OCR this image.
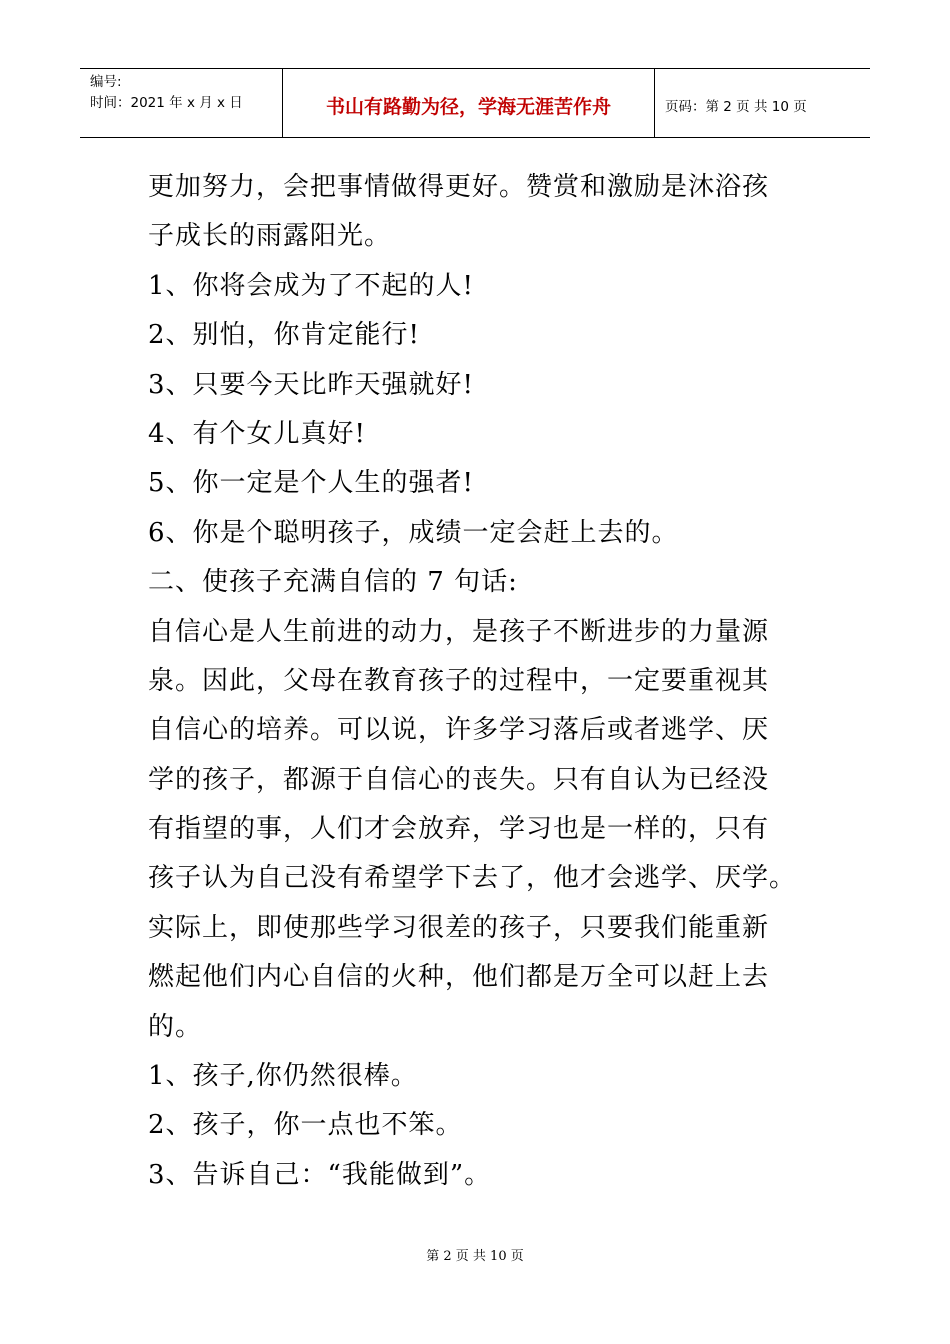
编号:
时间：2021 年 x 月 x 日	书山有路勤为径，学海无涯苦作舟	页码：第 2 页 共 10 页
更加努力，会把事情做得更好。赞赏和激励是沐浴孩
子成长的雨露阳光。
1、你将会成为了不起的人!
2、别怕，你肯定能行!
3、只要今天比昨天强就好!
4、有个女儿真好!
5、你一定是个人生的强者!
6、你是个聪明孩子，成绩一定会赶上去的。
二、使孩子充满自信的 7 句话:
自信心是人生前进的动力，是孩子不断进步的力量源
泉。因此，父母在教育孩子的过程中，一定要重视其
自信心的培养。可以说，许多学习落后或者逃学、厌
学的孩子，都源于自信心的丧失。只有自认为已经没
有指望的事，人们才会放弃，学习也是一样的，只有
孩子认为自己没有希望学下去了，他才会逃学、厌学。
实际上，即使那些学习很差的孩子，只要我们能重新
燃起他们内心自信的火种，他们都是万全可以赶上去
的。
1、孩子,你仍然很棒。
2、孩子，你一点也不笨。
3、告诉自己：“我能做到”。
第 2 页 共 10 页
